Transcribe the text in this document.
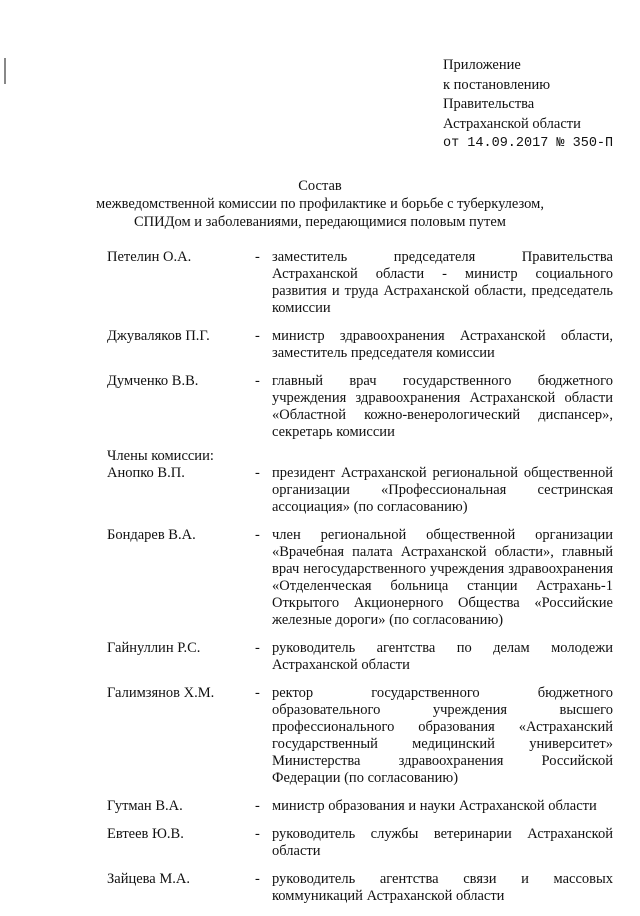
Приложение
к постановлению
Правительства
Астраханской области
от 14.09.2017 № 350-П
Состав
межведомственной комиссии по профилактике и борьбе с туберкулезом,
СПИДом и заболеваниями, передающимися половым путем
Петелин О.А.	- заместитель председателя Правительства Астраханской области - министр социального развития и труда Астраханской области, председатель комиссии
Джуваляков П.Г.	- министр здравоохранения Астраханской области, заместитель председателя комиссии
Думченко В.В.	- главный врач государственного бюджетного учреждения здравоохранения Астраханской области «Областной кожно-венерологический диспансер», секретарь комиссии
Члены комиссии:
Анопко В.П.	- президент Астраханской региональной общественной организации «Профессиональная сестринская ассоциация» (по согласованию)
Бондарев В.А.	- член региональной общественной организации «Врачебная палата Астраханской области», главный врач негосударственного учреждения здравоохранения «Отделенческая больница станции Астрахань-1 Открытого Акционерного Общества «Российские железные дороги» (по согласованию)
Гайнуллин Р.С.	- руководитель агентства по делам молодежи Астраханской области
Галимзянов Х.М.	- ректор государственного бюджетного образовательного учреждения высшего профессионального образования «Астраханский государственный медицинский университет» Министерства здравоохранения Российской Федерации (по согласованию)
Гутман В.А.	- министр образования и науки Астраханской области
Евтеев Ю.В.	- руководитель службы ветеринарии Астраханской области
Зайцева М.А.	- руководитель агентства связи и массовых коммуникаций Астраханской области
